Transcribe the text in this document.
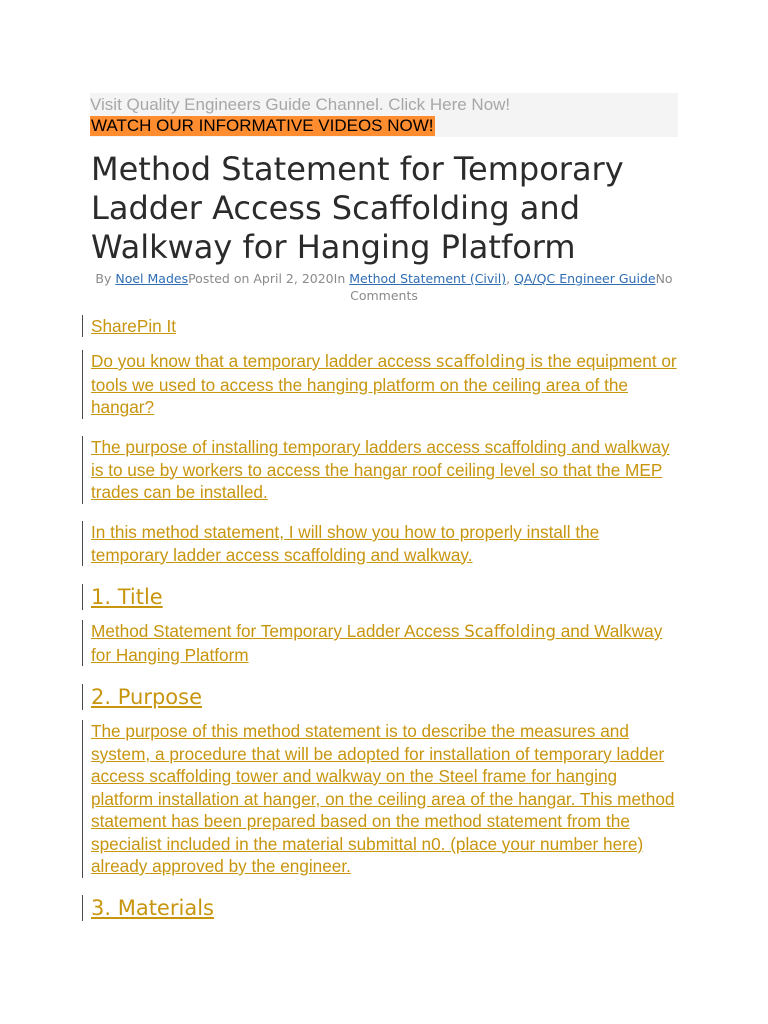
Visit Quality Engineers Guide Channel. Click Here Now!
WATCH OUR INFORMATIVE VIDEOS NOW!
Method Statement for Temporary Ladder Access Scaffolding and Walkway for Hanging Platform
By Noel MadesPosted on April 2, 2020In Method Statement (Civil), QA/QC Engineer GuideNo Comments
SharePin It

Do you know that a temporary ladder access scaffolding is the equipment or tools we used to access the hanging platform on the ceiling area of the hangar?

The purpose of installing temporary ladders access scaffolding and walkway is to use by workers to access the hangar roof ceiling level so that the MEP trades can be installed.

In this method statement, I will show you how to properly install the temporary ladder access scaffolding and walkway.

1. Title

Method Statement for Temporary Ladder Access Scaffolding and Walkway for Hanging Platform

2. Purpose

The purpose of this method statement is to describe the measures and system, a procedure that will be adopted for installation of temporary ladder access scaffolding tower and walkway on the Steel frame for hanging platform installation at hanger, on the ceiling area of the hangar. This method statement has been prepared based on the method statement from the specialist included in the material submittal n0. (place your number here) already approved by the engineer.

3. Materials
